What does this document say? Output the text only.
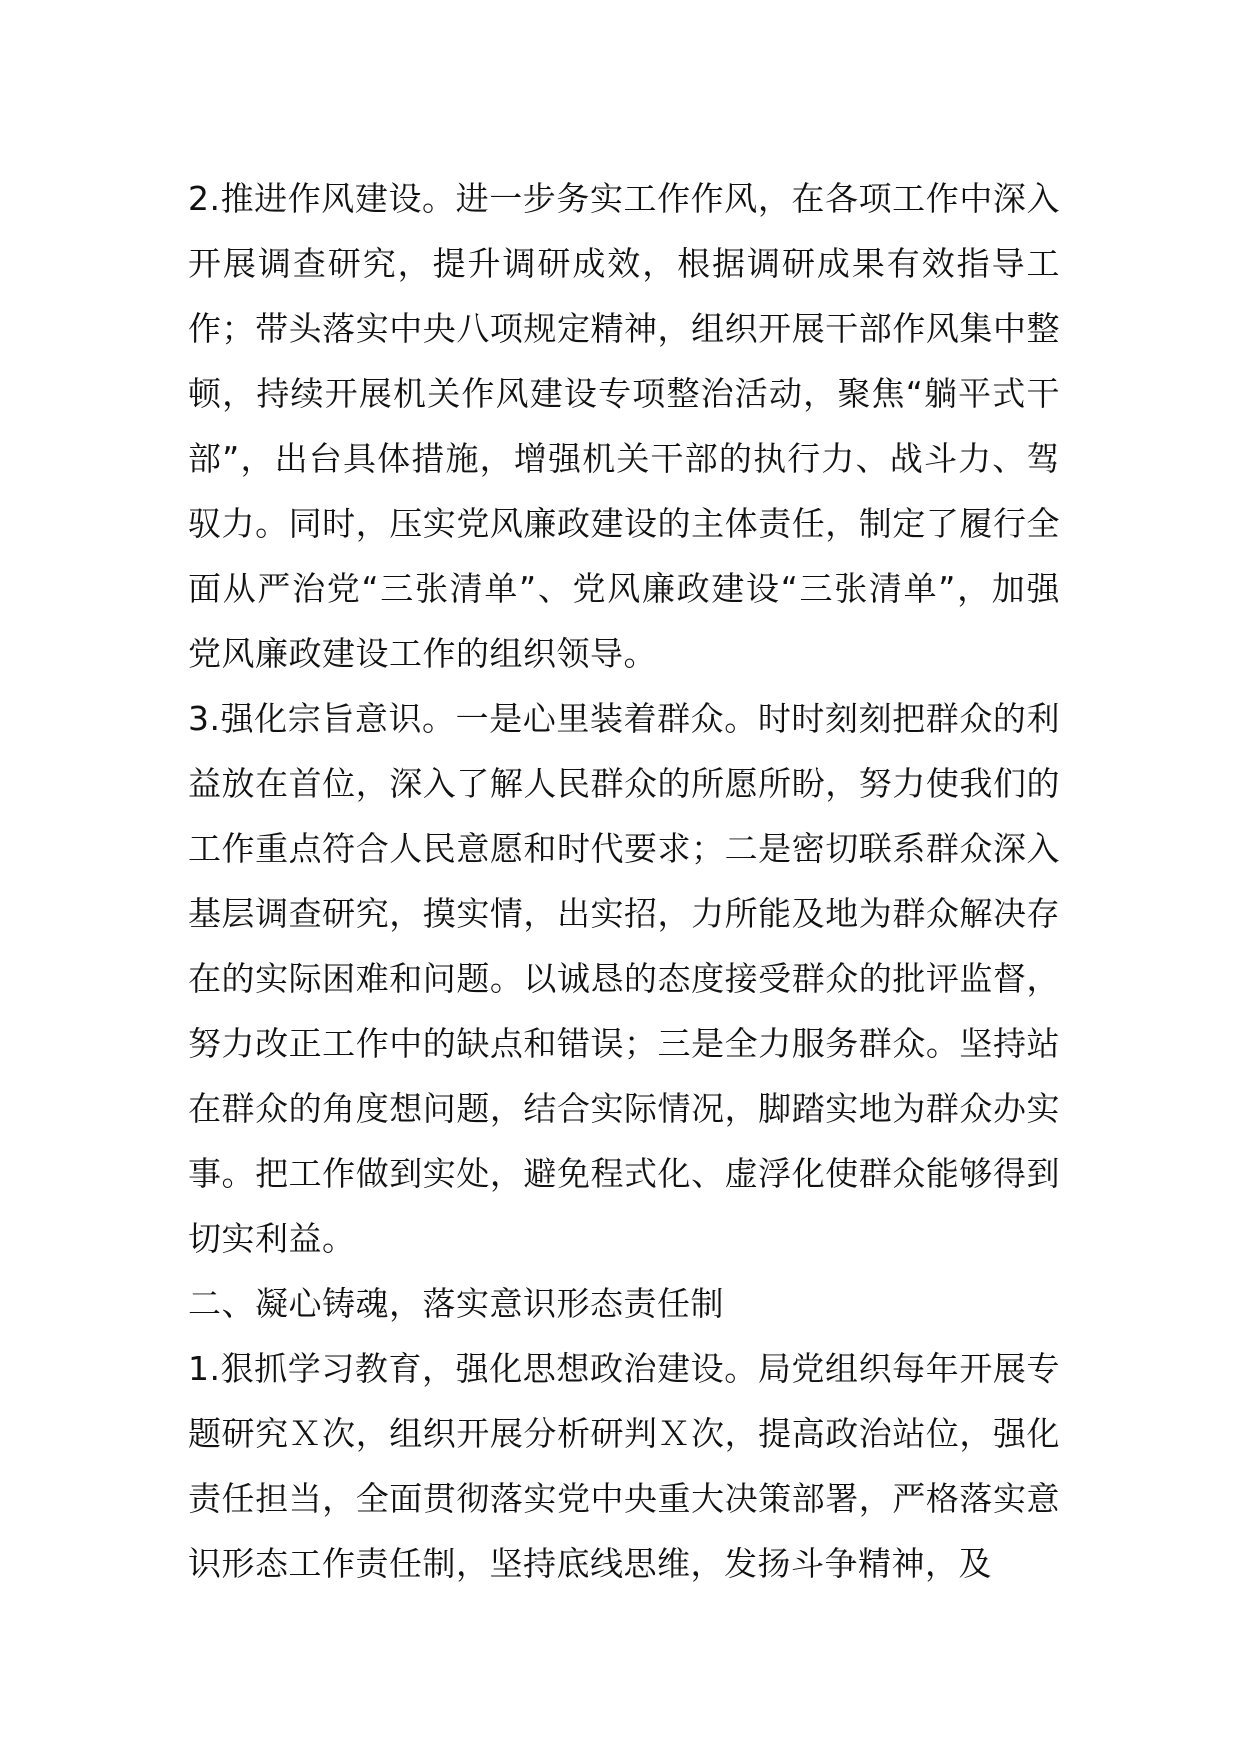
2.推进作风建设。进一步务实工作作风，在各项工作中深入开展调查研究，提升调研成效，根据调研成果有效指导工作；带头落实中央八项规定精神，组织开展干部作风集中整顿，持续开展机关作风建设专项整治活动，聚焦“躺平式干部”，出台具体措施，增强机关干部的执行力、战斗力、驾驭力。同时，压实党风廉政建设的主体责任，制定了履行全面从严治党“三张清单”、党风廉政建设“三张清单”，加强党风廉政建设工作的组织领导。

3.强化宗旨意识。一是心里装着群众。时时刻刻把群众的利益放在首位，深入了解人民群众的所愿所盼，努力使我们的工作重点符合人民意愿和时代要求；二是密切联系群众深入基层调查研究，摸实情，出实招，力所能及地为群众解决存在的实际困难和问题。以诚恳的态度接受群众的批评监督，努力改正工作中的缺点和错误；三是全力服务群众。坚持站在群众的角度想问题，结合实际情况，脚踏实地为群众办实事。把工作做到实处，避免程式化、虚浮化使群众能够得到切实利益。

二、凝心铸魂，落实意识形态责任制

1.狠抓学习教育，强化思想政治建设。局党组织每年开展专题研究Ｘ次，组织开展分析研判Ｘ次，提高政治站位，强化责任担当，全面贯彻落实党中央重大决策部署，严格落实意识形态工作责任制，坚持底线思维，发扬斗争精神，及
